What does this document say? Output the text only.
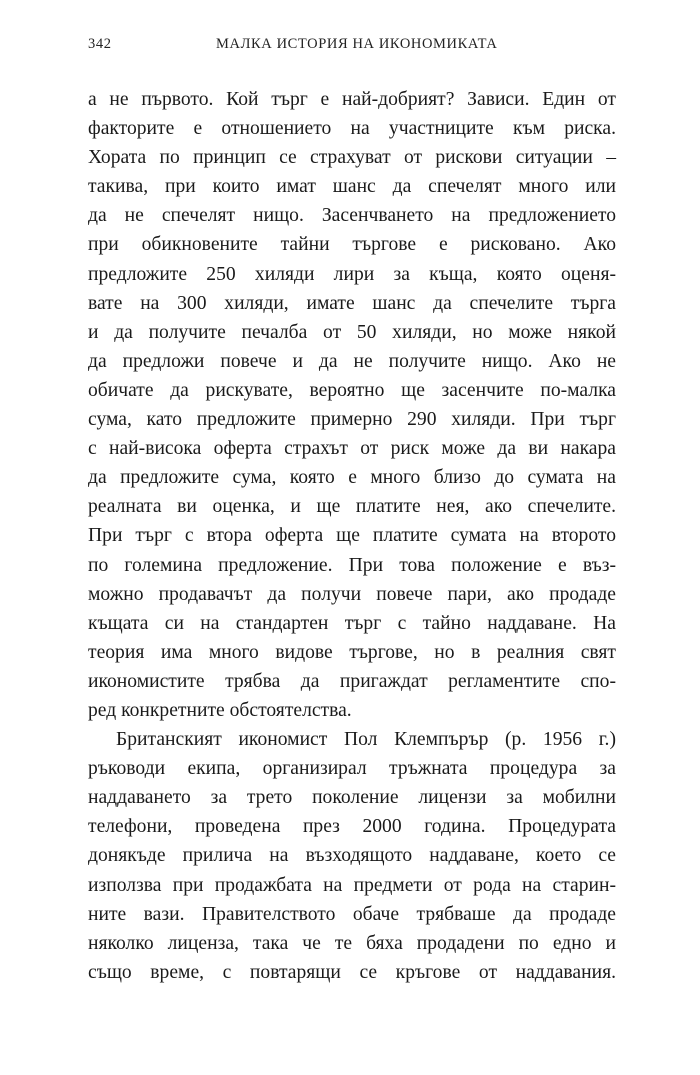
342	МАЛКА ИСТОРИЯ НА ИКОНОМИКАТА
а не първото. Кой търг е най-добрият? Зависи. Един от
факторите е отношението на участниците към риска.
Хората по принцип се страхуват от рискови ситуации –
такива, при които имат шанс да спечелят много или
да не спечелят нищо. Засенчването на предложението
при обикновените тайни търгове е рисковано. Ако
предложите 250 хиляди лири за къща, която оценя-
вате на 300 хиляди, имате шанс да спечелите търга
и да получите печалба от 50 хиляди, но може някой
да предложи повече и да не получите нищо. Ако не
обичате да рискувате, вероятно ще засенчите по-малка
сума, като предложите примерно 290 хиляди. При търг
с най-висока оферта страхът от риск може да ви накара
да предложите сума, която е много близо до сумата на
реалната ви оценка, и ще платите нея, ако спечелите.
При търг с втора оферта ще платите сумата на второто
по големина предложение. При това положение е въз-
можно продавачът да получи повече пари, ако продаде
къщата си на стандартен търг с тайно наддаване. На
теория има много видове търгове, но в реалния свят
икономистите трябва да пригаждат регламентите спо-
ред конкретните обстоятелства.
Британският икономист Пол Клемпърър (р. 1956 г.)
ръководи екипа, организирал тръжната процедура за
наддаването за трето поколение лицензи за мобилни
телефони, проведена през 2000 година. Процедурата
донякъде прилича на възходящото наддаване, което се
използва при продажбата на предмети от рода на старин-
ните вази. Правителството обаче трябваше да продаде
няколко лиценза, така че те бяха продадени по едно и
също време, с повтарящи се кръгове от наддавания.
